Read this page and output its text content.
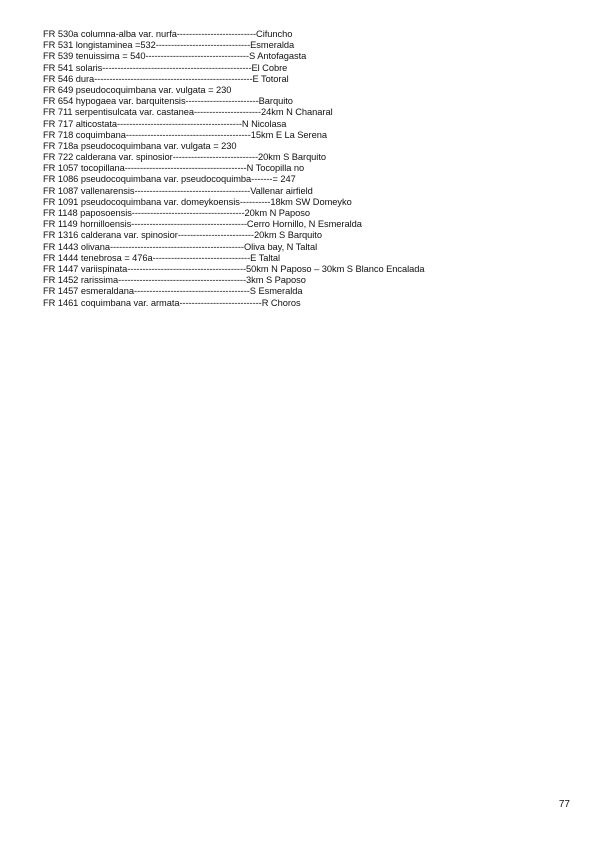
FR 530a columna-alba var. nurfa--------------------------Cifuncho
FR 531 longistaminea =532-------------------------------Esmeralda
FR 539 tenuissima = 540----------------------------------S Antofagasta
FR 541 solaris-------------------------------------------------El Cobre
FR 546 dura----------------------------------------------------E Totoral
FR 649 pseudocoquimbana var. vulgata = 230
FR 654 hypogaea var. barquitensis------------------------Barquito
FR 711 serpentisulcata var. castanea----------------------24km N Chanaral
FR 717 alticostata-----------------------------------------N Nicolasa
FR 718 coquimbana-----------------------------------------15km E La Serena
FR 718a pseudocoquimbana var. vulgata = 230
FR 722 calderana var. spinosior----------------------------20km S Barquito
FR 1057 tocopillana----------------------------------------N Tocopilla no
FR 1086 pseudocoquimbana var. pseudocoquimba-------= 247
FR 1087 vallenarensis--------------------------------------Vallenar airfield
FR 1091 pseudocoquimbana var. domeykoensis----------18km SW Domeyko
FR 1148 paposoensis-------------------------------------20km N Paposo
FR 1149 hornilloensis--------------------------------------Cerro Hornillo, N Esmeralda
FR 1316 calderana var. spinosior-------------------------20km S Barquito
FR 1443 olivana--------------------------------------------Oliva bay, N Taltal
FR 1444 tenebrosa = 476a--------------------------------E Taltal
FR 1447 variispinata---------------------------------------50km N Paposo – 30km S Blanco Encalada
FR 1452 rarissima------------------------------------------3km S Paposo
FR 1457 esmeraldana--------------------------------------S Esmeralda
FR 1461 coquimbana var. armata---------------------------R Choros
77
